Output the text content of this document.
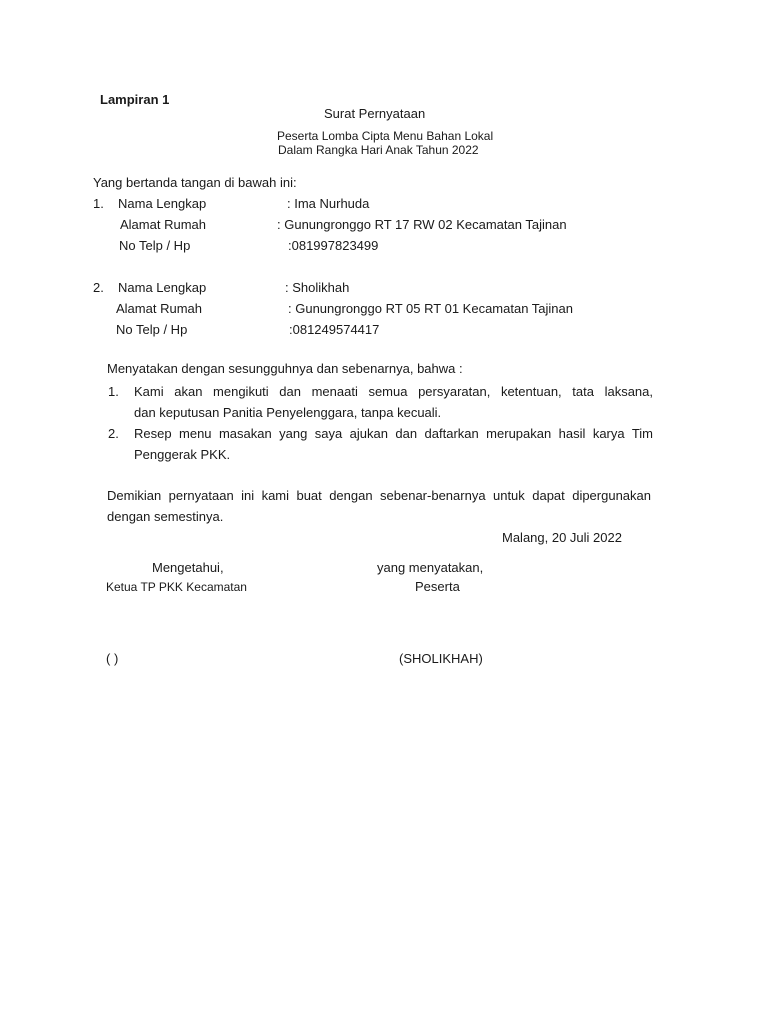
Lampiran 1
Surat Pernyataan
Peserta Lomba Cipta Menu Bahan Lokal
Dalam Rangka Hari Anak Tahun 2022
Yang bertanda tangan di bawah ini:
1. Nama Lengkap	: Ima Nurhuda
Alamat Rumah	: Gunungronggo RT 17 RW 02 Kecamatan Tajinan
No Telp / Hp	:081997823499
2. Nama Lengkap	: Sholikhah
Alamat Rumah	: Gunungronggo RT 05 RT 01 Kecamatan Tajinan
No Telp / Hp	:081249574417
Menyatakan dengan sesungguhnya dan sebenarnya, bahwa :
1. Kami akan mengikuti dan menaati semua persyaratan, ketentuan, tata laksana,
dan keputusan Panitia Penyelenggara, tanpa kecuali.
2. Resep menu masakan yang saya ajukan dan daftarkan merupakan hasil karya Tim
Penggerak PKK.
Demikian pernyataan ini kami buat dengan sebenar-benarnya untuk dapat dipergunakan
dengan semestinya.
Malang, 20 Juli 2022
Mengetahui,
Ketua TP PKK Kecamatan
( )
yang menyatakan,
Peserta
(SHOLIKHAH)
